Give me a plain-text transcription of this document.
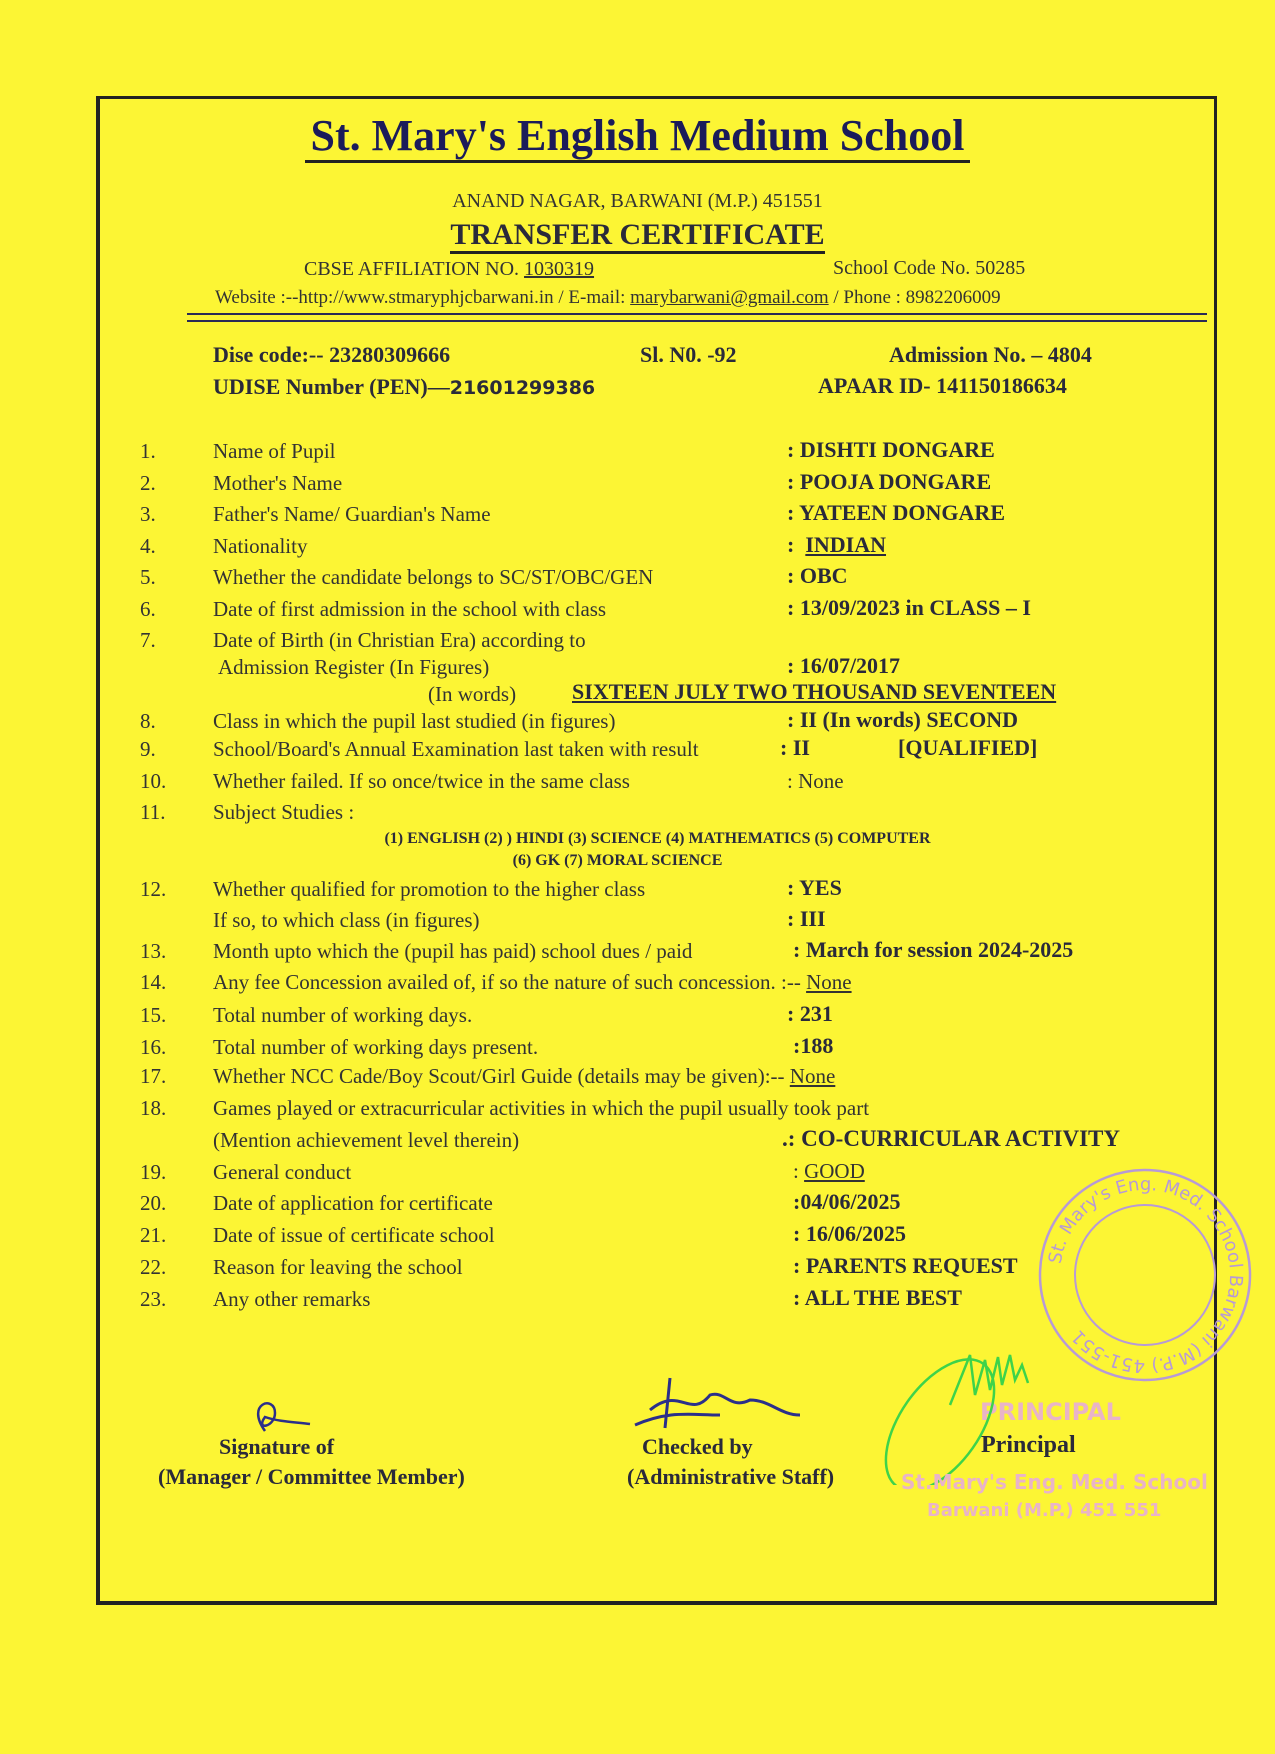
St. Mary's English Medium School
ANAND NAGAR, BARWANI (M.P.) 451551
TRANSFER CERTIFICATE
CBSE AFFILIATION NO. 1030319	School Code No. 50285
Website :--http://www.stmaryphjcbarwani.in / E-mail: marybarwani@gmail.com / Phone : 8982206009
Dise code:-- 23280309666	Sl. N0. -92	Admission No. – 4804
UDISE Number (PEN)—21601299386	APAAR ID- 141150186634
1.	Name of Pupil	: DISHTI DONGARE
2.	Mother's Name	: POOJA DONGARE
3.	Father's Name/ Guardian's Name	: YATEEN DONGARE
4.	Nationality	: INDIAN
5.	Whether the candidate belongs to SC/ST/OBC/GEN	: OBC
6.	Date of first admission in the school with class	: 13/09/2023 in CLASS – I
7.	Date of Birth (in Christian Era) according to
Admission Register (In Figures)	: 16/07/2017
(In words)	SIXTEEN JULY TWO THOUSAND SEVENTEEN
8.	Class in which the pupil last studied (in figures)	: II (In words) SECOND
9.	School/Board's Annual Examination last taken with result	: II	[QUALIFIED]
10. Whether failed. If so once/twice in the same class	: None
11. Subject Studies :
(1) ENGLISH (2) ) HINDI (3) SCIENCE (4) MATHEMATICS (5) COMPUTER
(6) GK (7) MORAL SCIENCE
12. Whether qualified for promotion to the higher class	: YES
If so, to which class (in figures)	: III
13. Month upto which the (pupil has paid) school dues / paid	: March for session 2024-2025
14. Any fee Concession availed of, if so the nature of such concession. :-- None
15. Total number of working days.	: 231
16. Total number of working days present.	:188
17. Whether NCC Cade/Boy Scout/Girl Guide (details may be given):-- None
18. Games played or extracurricular activities in which the pupil usually took part
(Mention achievement level therein)	.: CO-CURRICULAR ACTIVITY
19. General conduct	: GOOD
20. Date of application for certificate	:04/06/2025
21. Date of issue of certificate school	: 16/06/2025
22. Reason for leaving the school	: PARENTS REQUEST
23. Any other remarks	: ALL THE BEST
St. Mary's Eng. Med. School Barwani (M.P.) 451-551
Signature of
(Manager / Committee Member)
Checked by
(Administrative Staff)
PRINCIPAL
Principal
St.Mary's Eng. Med. School
Barwani (M.P.) 451 551
